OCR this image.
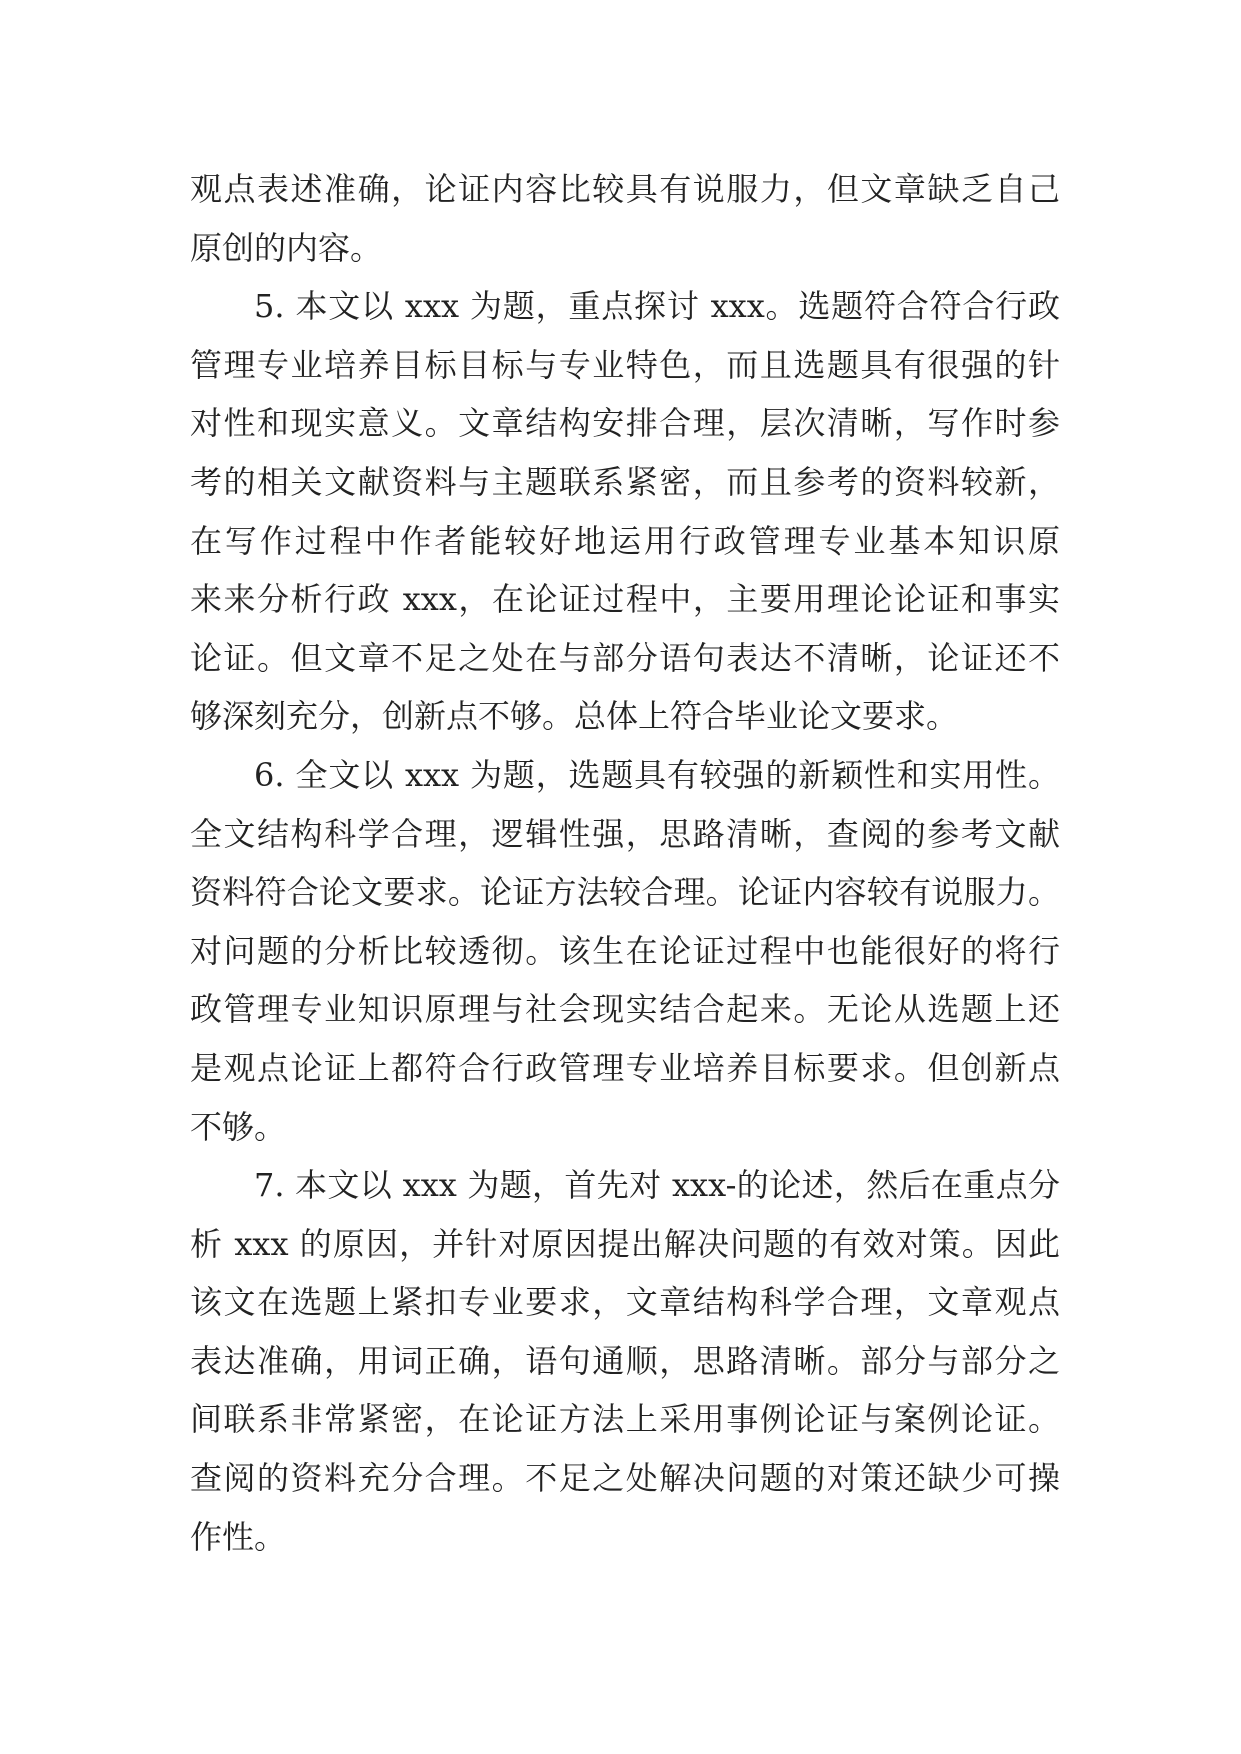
观点表述准确，论证内容比较具有说服力，但文章缺乏自己
原创的内容。
5. 本文以 xxx 为题，重点探讨 xxx。选题符合符合行政
管理专业培养目标目标与专业特色，而且选题具有很强的针
对性和现实意义。文章结构安排合理，层次清晰，写作时参
考的相关文献资料与主题联系紧密，而且参考的资料较新，
在写作过程中作者能较好地运用行政管理专业基本知识原
来来分析行政 xxx，在论证过程中，主要用理论论证和事实
论证。但文章不足之处在与部分语句表达不清晰，论证还不
够深刻充分，创新点不够。总体上符合毕业论文要求。
6. 全文以 xxx 为题，选题具有较强的新颖性和实用性。
全文结构科学合理，逻辑性强，思路清晰，查阅的参考文献
资料符合论文要求。论证方法较合理。论证内容较有说服力。
对问题的分析比较透彻。该生在论证过程中也能很好的将行
政管理专业知识原理与社会现实结合起来。无论从选题上还
是观点论证上都符合行政管理专业培养目标要求。但创新点
不够。
7. 本文以 xxx 为题，首先对 xxx-的论述，然后在重点分
析 xxx 的原因，并针对原因提出解决问题的有效对策。因此
该文在选题上紧扣专业要求，文章结构科学合理，文章观点
表达准确，用词正确，语句通顺，思路清晰。部分与部分之
间联系非常紧密，在论证方法上采用事例论证与案例论证。
查阅的资料充分合理。不足之处解决问题的对策还缺少可操
作性。
